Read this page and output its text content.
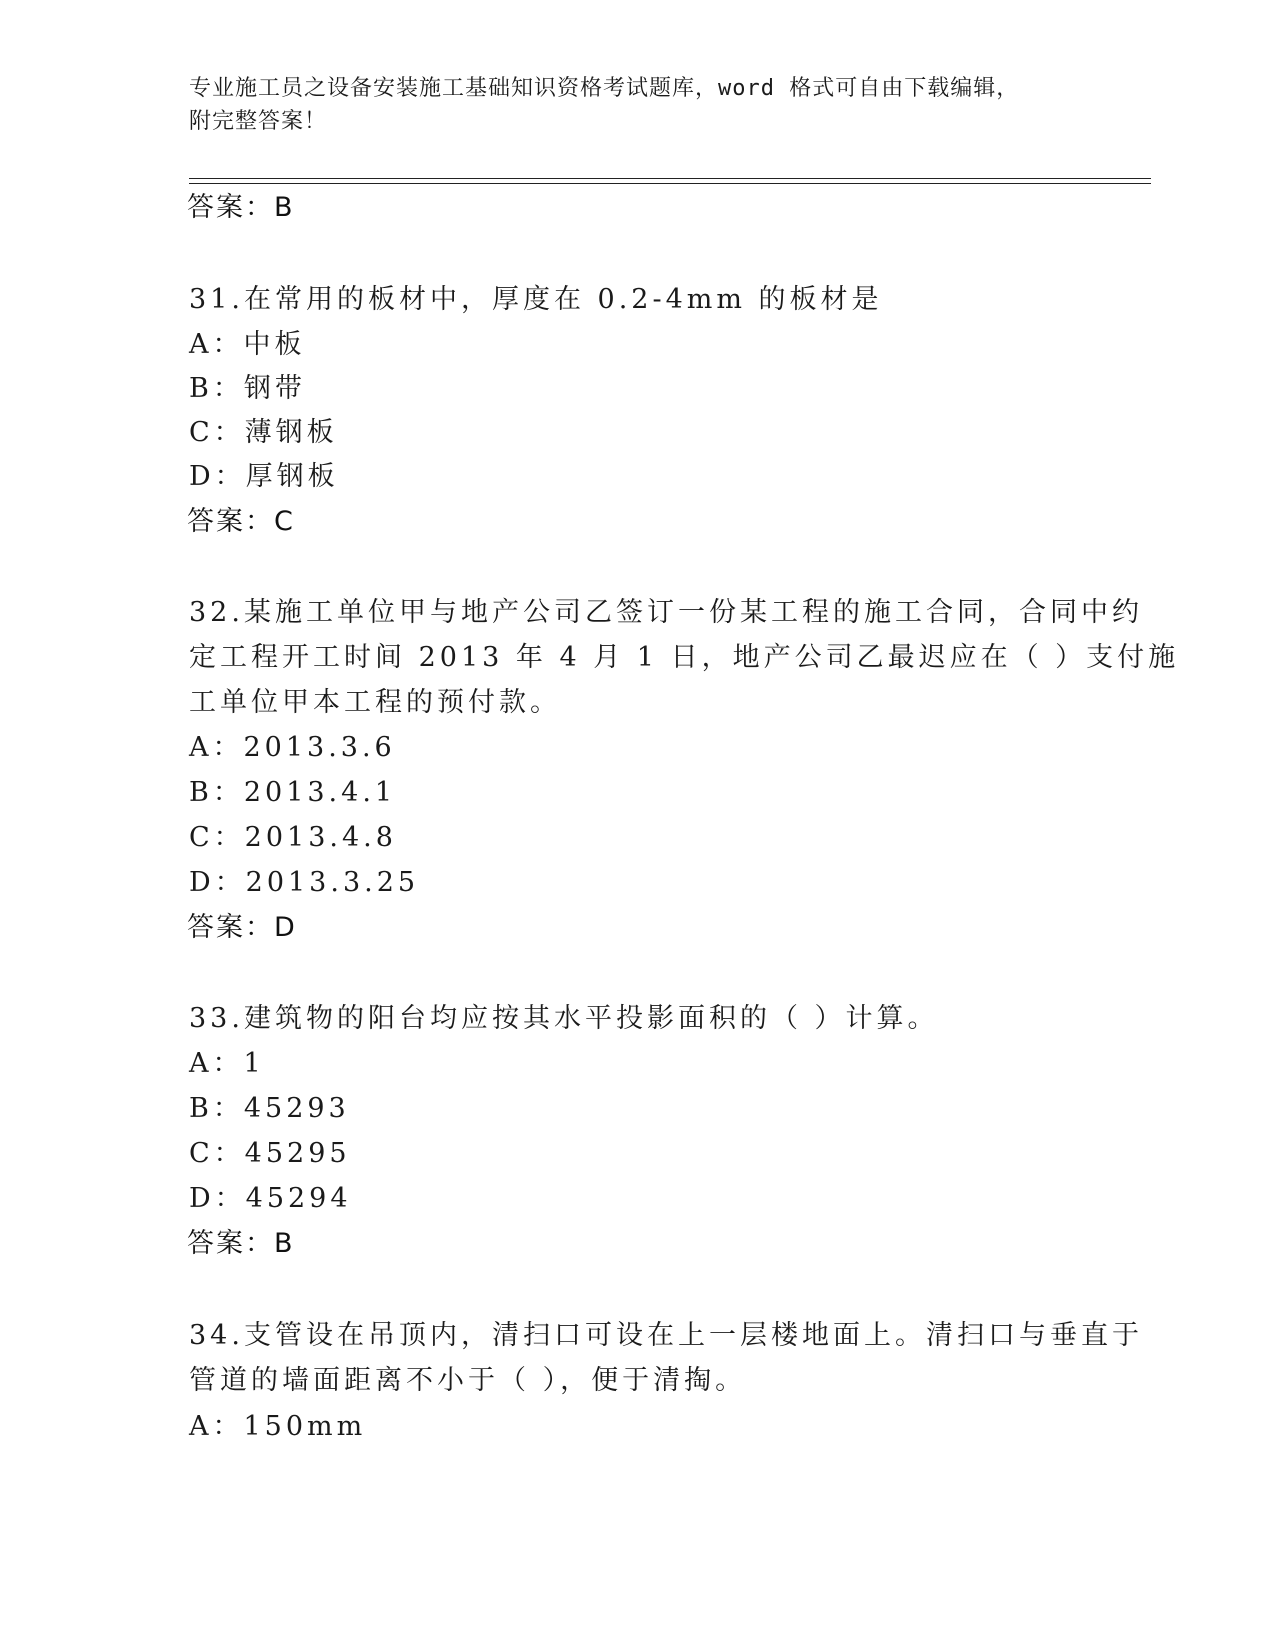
专业施工员之设备安装施工基础知识资格考试题库，word 格式可自由下载编辑，
附完整答案！
答案：B
31.在常用的板材中，厚度在 0.2-4mm 的板材是
A：中板
B：钢带
C：薄钢板
D：厚钢板
答案：C
32.某施工单位甲与地产公司乙签订一份某工程的施工合同，合同中约
定工程开工时间 2013 年 4 月 1 日，地产公司乙最迟应在（ ）支付施
工单位甲本工程的预付款。
A：2013.3.6
B：2013.4.1
C：2013.4.8
D：2013.3.25
答案：D
33.建筑物的阳台均应按其水平投影面积的（ ）计算。
A：1
B：45293
C：45295
D：45294
答案：B
34.支管设在吊顶内，清扫口可设在上一层楼地面上。清扫口与垂直于
管道的墙面距离不小于（ ），便于清掏。
A：150mm
